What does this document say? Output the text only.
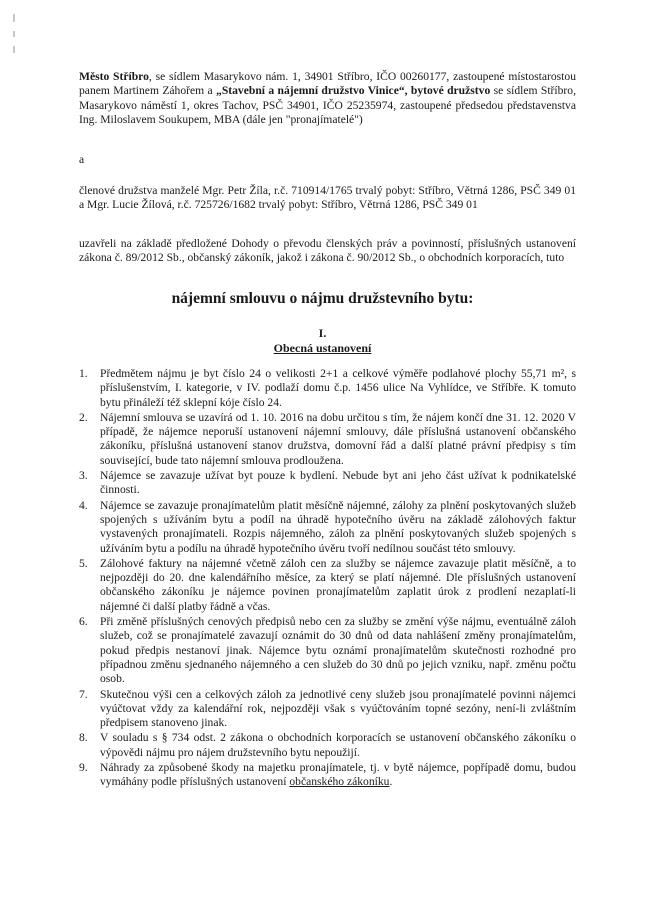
Město Stříbro, se sídlem Masarykovo nám. 1, 34901 Stříbro, IČO 00260177, zastoupené místostarostou panem Martinem Záhořem a „Stavební a nájemní družstvo Vinice“, bytové družstvo se sídlem Stříbro, Masarykovo náměstí 1, okres Tachov, PSČ 34901, IČO 25235974, zastoupené předsedou představenstva Ing. Miloslavem Soukupem, MBA (dále jen "pronajímatelé")
a
členové družstva manželé Mgr. Petr Žíla, r.č. 710914/1765 trvalý pobyt: Stříbro, Větrná 1286, PSČ 349 01 a Mgr. Lucie Žílová, r.č. 725726/1682 trvalý pobyt: Stříbro, Větrná 1286, PSČ 349 01
uzavřeli na základě předložené Dohody o převodu členských práv a povinností, příslušných ustanovení zákona č. 89/2012 Sb., občanský zákoník, jakož i zákona č. 90/2012 Sb., o obchodních korporacích, tuto
nájemní smlouvu o nájmu družstevního bytu:
I.
Obecná ustanovení
1. Předmětem nájmu je byt číslo 24 o velikosti 2+1 a celkové výměře podlahové plochy 55,71 m², s příslušenstvím, I. kategorie, v IV. podlaží domu č.p. 1456 ulice Na Vyhlídce, ve Stříbře. K tomuto bytu přináleží též sklepní kóje číslo 24.
2. Nájemní smlouva se uzavírá od 1. 10. 2016 na dobu určitou s tím, že nájem končí dne 31. 12. 2020 V případě, že nájemce neporuší ustanovení nájemní smlouvy, dále příslušná ustanovení občanského zákoníku, příslušná ustanovení stanov družstva, domovní řád a další platné právní předpisy s tím související, bude tato nájemní smlouva prodloužena.
3. Nájemce se zavazuje užívat byt pouze k bydlení. Nebude byt ani jeho část užívat k podnikatelské činnosti.
4. Nájemce se zavazuje pronajímatelům platit měsíčně nájemné, zálohy za plnění poskytovaných služeb spojených s užíváním bytu a podíl na úhradě hypotečního úvěru na základě zálohových faktur vystavených pronajímateli. Rozpis nájemného, záloh za plnění poskytovaných služeb spojených s užíváním bytu a podílu na úhradě hypotečního úvěru tvoří nedílnou součást této smlouvy.
5. Zálohové faktury na nájemné včetně záloh cen za služby se nájemce zavazuje platit měsíčně, a to nejpozději do 20. dne kalendářního měsíce, za který se platí nájemné. Dle příslušných ustanovení občanského zákoníku je nájemce povinen pronajímatelům zaplatit úrok z prodlení nezaplatí-li nájemné či další platby řádně a včas.
6. Při změně příslušných cenových předpisů nebo cen za služby se změní výše nájmu, eventuálně záloh služeb, což se pronajímatelé zavazují oznámit do 30 dnů od data nahlášení změny pronajímatelům, pokud předpis nestanoví jinak. Nájemce bytu oznámí pronajímatelům skutečnosti rozhodné pro případnou změnu sjednaného nájemného a cen služeb do 30 dnů po jejich vzniku, např. změnu počtu osob.
7. Skutečnou výši cen a celkových záloh za jednotlivé ceny služeb jsou pronajímatelé povinni nájemci vyúčtovat vždy za kalendářní rok, nejpozději však s vyúčtováním topné sezóny, není-li zvláštním předpisem stanoveno jinak.
8. V souladu s § 734 odst. 2 zákona o obchodních korporacích se ustanovení občanského zákoníku o výpovědi nájmu pro nájem družstevního bytu nepoužijí.
9. Náhrady za způsobené škody na majetku pronajímatele, tj. v bytě nájemce, popřípadě domu, budou vymáhány podle příslušných ustanovení občanského zákoníku.
